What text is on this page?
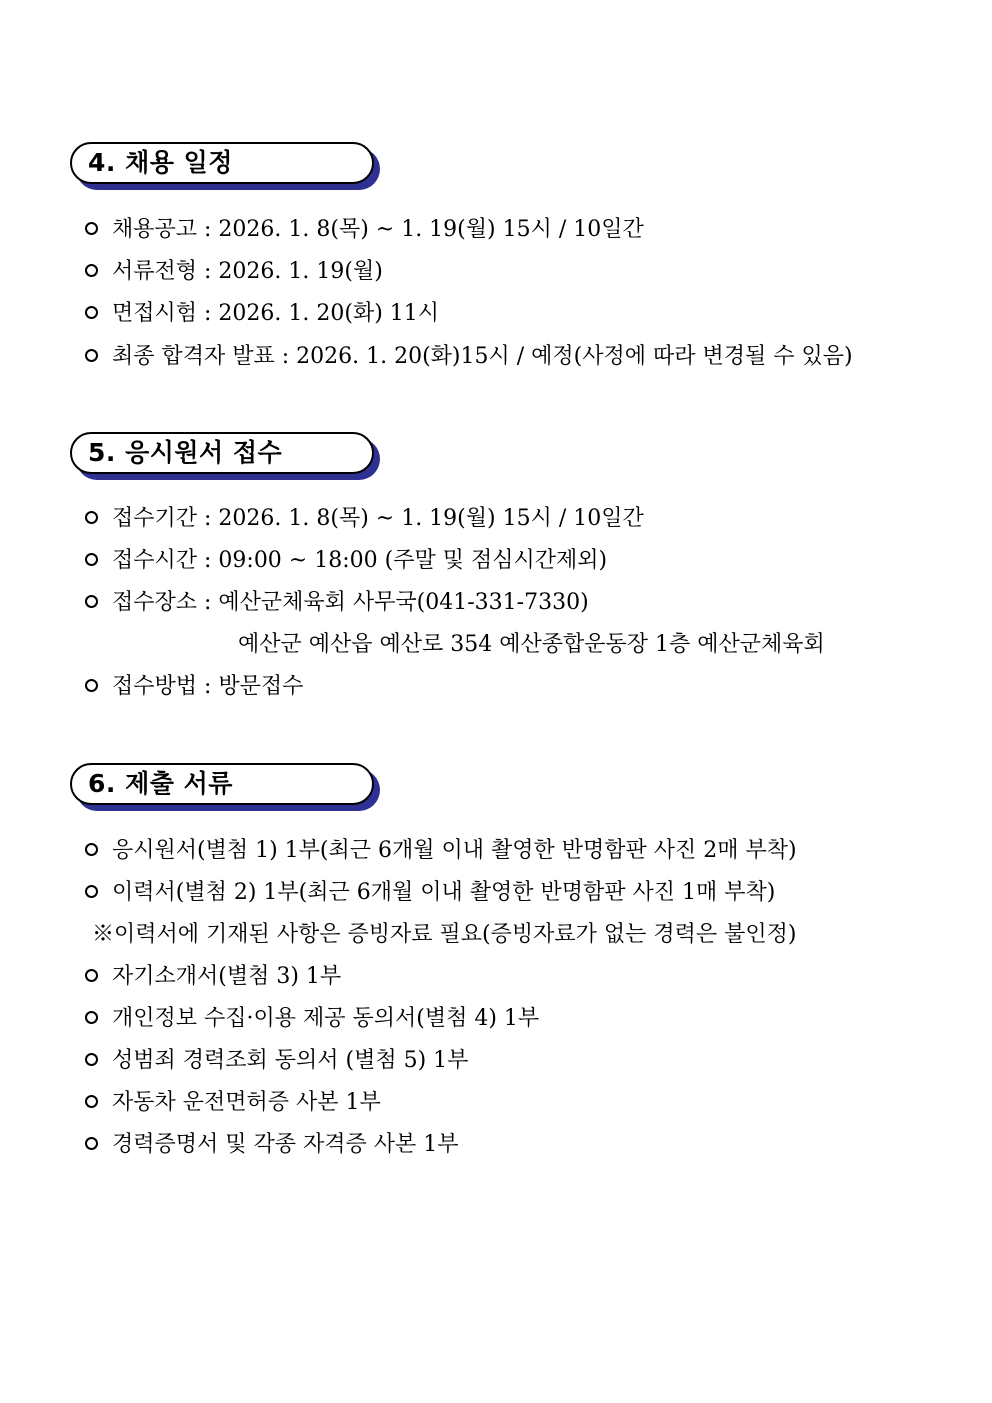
4. 채용 일정
채용공고 : 2026. 1. 8(목) ~ 1. 19(월) 15시 / 10일간
서류전형 : 2026. 1. 19(월)
면접시험 : 2026. 1. 20(화) 11시
최종 합격자 발표 : 2026. 1. 20(화)15시 / 예정(사정에 따라 변경될 수 있음)
5. 응시원서 접수
접수기간 : 2026. 1. 8(목) ~ 1. 19(월) 15시 / 10일간
접수시간 : 09:00 ~ 18:00 (주말 및 점심시간제외)
접수장소 : 예산군체육회 사무국(041-331-7330)
예산군 예산읍 예산로 354 예산종합운동장 1층 예산군체육회
접수방법 : 방문접수
6. 제출 서류
응시원서(별첨 1) 1부(최근 6개월 이내 촬영한 반명함판 사진 2매 부착)
이력서(별첨 2) 1부(최근 6개월 이내 촬영한 반명함판 사진 1매 부착)
※이력서에 기재된 사항은 증빙자료 필요(증빙자료가 없는 경력은 불인정)
자기소개서(별첨 3) 1부
개인정보 수집·이용 제공 동의서(별첨 4) 1부
성범죄 경력조회 동의서 (별첨 5) 1부
자동차 운전면허증 사본 1부
경력증명서 및 각종 자격증 사본 1부
